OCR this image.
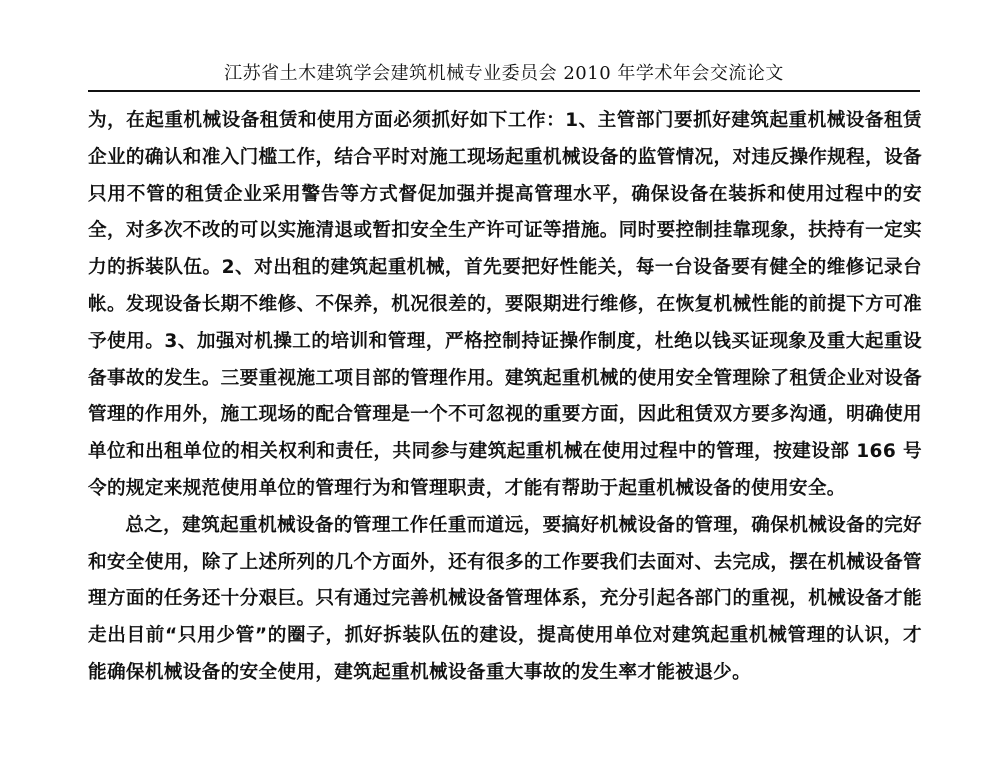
江苏省土木建筑学会建筑机械专业委员会 2010 年学术年会交流论文

为，在起重机械设备租赁和使用方面必须抓好如下工作：1、主管部门要抓好建筑起重机械设备租赁企业的确认和准入门槛工作，结合平时对施工现场起重机械设备的监管情况，对违反操作规程，设备只用不管的租赁企业采用警告等方式督促加强并提高管理水平，确保设备在装拆和使用过程中的安全，对多次不改的可以实施清退或暂扣安全生产许可证等措施。同时要控制挂靠现象，扶持有一定实力的拆装队伍。2、对出租的建筑起重机械，首先要把好性能关，每一台设备要有健全的维修记录台帐。发现设备长期不维修、不保养，机况很差的，要限期进行维修，在恢复机械性能的前提下方可准予使用。3、加强对机操工的培训和管理，严格控制持证操作制度，杜绝以钱买证现象及重大起重设备事故的发生。三要重视施工项目部的管理作用。建筑起重机械的使用安全管理除了租赁企业对设备管理的作用外，施工现场的配合管理是一个不可忽视的重要方面，因此租赁双方要多沟通，明确使用单位和出租单位的相关权利和责任，共同参与建筑起重机械在使用过程中的管理，按建设部 166 号令的规定来规范使用单位的管理行为和管理职责，才能有帮助于起重机械设备的使用安全。

总之，建筑起重机械设备的管理工作任重而道远，要搞好机械设备的管理，确保机械设备的完好和安全使用，除了上述所列的几个方面外，还有很多的工作要我们去面对、去完成，摆在机械设备管理方面的任务还十分艰巨。只有通过完善机械设备管理体系，充分引起各部门的重视，机械设备才能走出目前“只用少管”的圈子，抓好拆装队伍的建设，提高使用单位对建筑起重机械管理的认识，才能确保机械设备的安全使用，建筑起重机械设备重大事故的发生率才能被退少。
